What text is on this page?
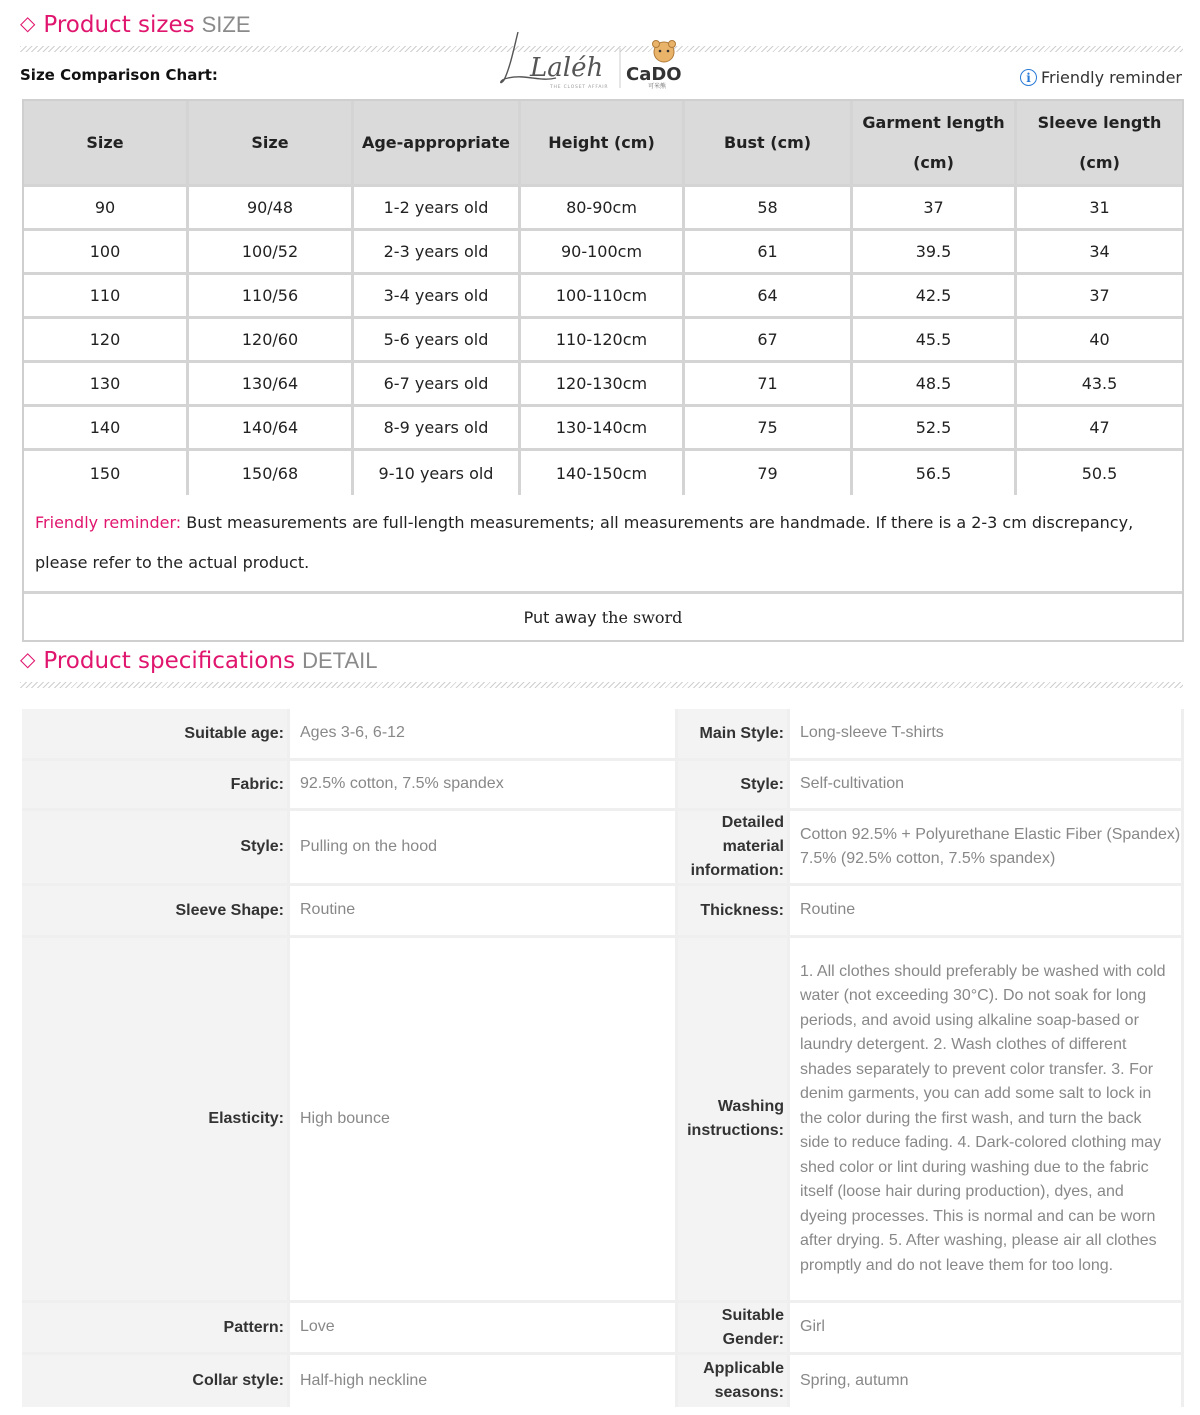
◇ Product sizes SIZE
Size Comparison Chart:	Laléh
THE CLOSET AFFAIR
CaDO
可米熊
i Friendly reminder
Size	Size	Age-appropriate	Height (cm)	Bust (cm)	Garment length (cm)	Sleeve length (cm)
90	90/48	1-2 years old	80-90cm	58	37	31
100	100/52	2-3 years old	90-100cm	61	39.5	34
110	110/56	3-4 years old	100-110cm	64	42.5	37
120	120/60	5-6 years old	110-120cm	67	45.5	40
130	130/64	6-7 years old	120-130cm	71	48.5	43.5
140	140/64	8-9 years old	130-140cm	75	52.5	47
150	150/68	9-10 years old	140-150cm	79	56.5	50.5
Friendly reminder: Bust measurements are full-length measurements; all measurements are handmade. If there is a 2-3 cm discrepancy, please refer to the actual product.						
Put away the sword						
◇ Product specifications DETAIL
Suitable age:	Ages 3-6, 6-12	Main Style:	Long-sleeve T-shirts
Fabric:	92.5% cotton, 7.5% spandex	Style:	Self-cultivation
Style:	Pulling on the hood	Detailed material information:	Cotton 92.5% + Polyurethane Elastic Fiber (Spandex) 7.5% (92.5% cotton, 7.5% spandex)
Sleeve Shape:	Routine	Thickness:	Routine
Elasticity:	High bounce	Washing instructions:	1. All clothes should preferably be washed with cold water (not exceeding 30°C). Do not soak for long periods, and avoid using alkaline soap-based or laundry detergent. 2. Wash clothes of different shades separately to prevent color transfer. 3. For denim garments, you can add some salt to lock in the color during the first wash, and turn the back side to reduce fading. 4. Dark-colored clothing may shed color or lint during washing due to the fabric itself (loose hair during production), dyes, and dyeing processes. This is normal and can be worn after drying. 5. After washing, please air all clothes promptly and do not leave them for too long.
Pattern:	Love	Suitable Gender:	Girl
Collar style:	Half-high neckline	Applicable seasons:	Spring, autumn
